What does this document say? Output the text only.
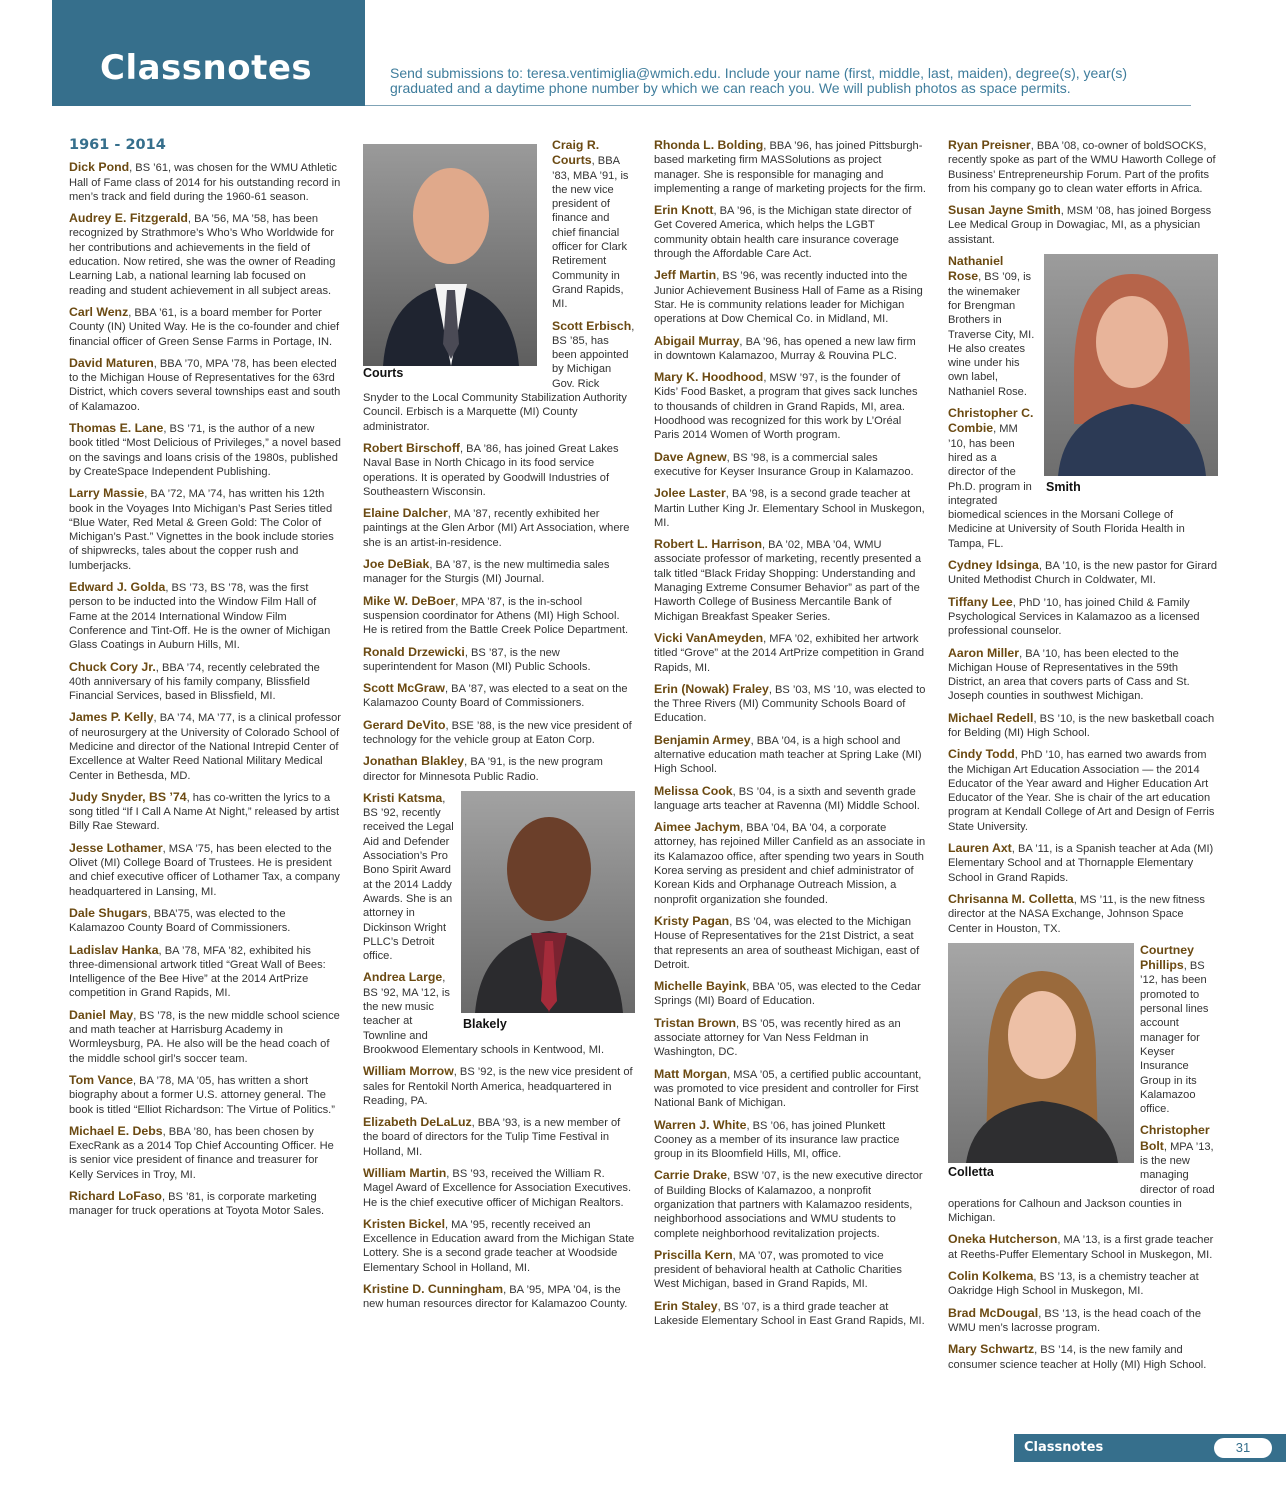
Classnotes	Send submissions to: teresa.ventimiglia@wmich.edu. Include your name (first, middle, last, maiden), degree(s), year(s) graduated and a daytime phone number by which we can reach you. We will publish photos as space permits.
1961 - 2014

Dick Pond, BS ’61, was chosen for the WMU Athletic Hall of Fame class of 2014 for his outstanding record in men’s track and field during the 1960-61 season.

Audrey E. Fitzgerald, BA ’56, MA ’58, has been recognized by Strathmore’s Who’s Who Worldwide for her contributions and achievements in the field of education. Now retired, she was the owner of Reading Learning Lab, a national learning lab focused on reading and student achievement in all subject areas.

Carl Wenz, BBA ’61, is a board member for Porter County (IN) United Way. He is the co-founder and chief financial officer of Green Sense Farms in Portage, IN.

David Maturen, BBA ’70, MPA ’78, has been elected to the Michigan House of Representatives for the 63rd District, which covers several townships east and south of Kalamazoo.

Thomas E. Lane, BS ’71, is the author of a new book titled “Most Delicious of Privileges,” a novel based on the savings and loans crisis of the 1980s, published by CreateSpace Independent Publishing.

Larry Massie, BA ’72, MA ’74, has written his 12th book in the Voyages Into Michigan’s Past Series titled “Blue Water, Red Metal & Green Gold: The Color of Michigan’s Past.” Vignettes in the book include stories of shipwrecks, tales about the copper rush and lumberjacks.

Edward J. Golda, BS ’73, BS ’78, was the first person to be inducted into the Window Film Hall of Fame at the 2014 International Window Film Conference and Tint-Off. He is the owner of Michigan Glass Coatings in Auburn Hills, MI.

Chuck Cory Jr., BBA ’74, recently celebrated the 40th anniversary of his family company, Blissfield Financial Services, based in Blissfield, MI.

James P. Kelly, BA ’74, MA ’77, is a clinical professor of neurosurgery at the University of Colorado School of Medicine and director of the National Intrepid Center of Excellence at Walter Reed National Military Medical Center in Bethesda, MD.

Judy Snyder, BS ’74, has co-written the lyrics to a song titled “If I Call A Name At Night,” released by artist Billy Rae Steward.

Jesse Lothamer, MSA ’75, has been elected to the Olivet (MI) College Board of Trustees. He is president and chief executive officer of Lothamer Tax, a company headquartered in Lansing, MI.

Dale Shugars, BBA’75, was elected to the Kalamazoo County Board of Commissioners.

Ladislav Hanka, BA ’78, MFA ’82, exhibited his three-dimensional artwork titled “Great Wall of Bees: Intelligence of the Bee Hive” at the 2014 ArtPrize competition in Grand Rapids, MI.

Daniel May, BS ’78, is the new middle school science and math teacher at Harrisburg Academy in Wormleysburg, PA. He also will be the head coach of the middle school girl’s soccer team.

Tom Vance, BA ’78, MA ’05, has written a short biography about a former U.S. attorney general. The book is titled “Elliot Richardson: The Virtue of Politics.”

Michael E. Debs, BBA ’80, has been chosen by ExecRank as a 2014 Top Chief Accounting Officer. He is senior vice president of finance and treasurer for Kelly Services in Troy, MI.

Richard LoFaso, BS ’81, is corporate marketing manager for truck operations at Toyota Motor Sales.

Courts

Craig R. Courts, BBA ’83, MBA ’91, is the new vice president of finance and chief financial officer for Clark Retirement Community in Grand Rapids, MI.

Scott Erbisch, BS ’85, has been appointed by Michigan Gov. Rick Snyder to the Local Community Stabilization Authority Council. Erbisch is a Marquette (MI) County administrator.

Robert Birschoff, BA ’86, has joined Great Lakes Naval Base in North Chicago in its food service operations. It is operated by Goodwill Industries of Southeastern Wisconsin.

Elaine Dalcher, MA ’87, recently exhibited her paintings at the Glen Arbor (MI) Art Association, where she is an artist-in-residence.

Joe DeBiak, BA ’87, is the new multimedia sales manager for the Sturgis (MI) Journal.

Mike W. DeBoer, MPA ’87, is the in-school suspension coordinator for Athens (MI) High School. He is retired from the Battle Creek Police Department.

Ronald Drzewicki, BS ’87, is the new superintendent for Mason (MI) Public Schools.

Scott McGraw, BA ’87, was elected to a seat on the Kalamazoo County Board of Commissioners.

Gerard DeVito, BSE ’88, is the new vice president of technology for the vehicle group at Eaton Corp.

Jonathan Blakley, BA ’91, is the new program director for Minnesota Public Radio.

Blakely

Kristi Katsma, BS ’92, recently received the Legal Aid and Defender Association’s Pro Bono Spirit Award at the 2014 Laddy Awards. She is an attorney in Dickinson Wright PLLC’s Detroit office.

Andrea Large, BS ’92, MA ’12, is the new music teacher at Townline and Brookwood Elementary schools in Kentwood, MI.

William Morrow, BS ’92, is the new vice president of sales for Rentokil North America, headquartered in Reading, PA.

Elizabeth DeLaLuz, BBA ’93, is a new member of the board of directors for the Tulip Time Festival in Holland, MI.

William Martin, BS ’93, received the William R. Magel Award of Excellence for Association Executives. He is the chief executive officer of Michigan Realtors.

Kristen Bickel, MA ’95, recently received an Excellence in Education award from the Michigan State Lottery. She is a second grade teacher at Woodside Elementary School in Holland, MI.

Kristine D. Cunningham, BA ’95, MPA ’04, is the new human resources director for Kalamazoo County.

Rhonda L. Bolding, BBA ’96, has joined Pittsburgh-based marketing firm MASSolutions as project manager. She is responsible for managing and implementing a range of marketing projects for the firm.

Erin Knott, BA ’96, is the Michigan state director of Get Covered America, which helps the LGBT community obtain health care insurance coverage through the Affordable Care Act.

Jeff Martin, BS ’96, was recently inducted into the Junior Achievement Business Hall of Fame as a Rising Star. He is community relations leader for Michigan operations at Dow Chemical Co. in Midland, MI.

Abigail Murray, BA ’96, has opened a new law firm in downtown Kalamazoo, Murray & Rouvina PLC.

Mary K. Hoodhood, MSW ’97, is the founder of Kids’ Food Basket, a program that gives sack lunches to thousands of children in Grand Rapids, MI, area. Hoodhood was recognized for this work by L’Oréal Paris 2014 Women of Worth program.

Dave Agnew, BS ’98, is a commercial sales executive for Keyser Insurance Group in Kalamazoo.

Jolee Laster, BA ’98, is a second grade teacher at Martin Luther King Jr. Elementary School in Muskegon, MI.

Robert L. Harrison, BA ’02, MBA ’04, WMU associate professor of marketing, recently presented a talk titled “Black Friday Shopping: Understanding and Managing Extreme Consumer Behavior” as part of the Haworth College of Business Mercantile Bank of Michigan Breakfast Speaker Series.

Vicki VanAmeyden, MFA ’02, exhibited her artwork titled “Grove” at the 2014 ArtPrize competition in Grand Rapids, MI.

Erin (Nowak) Fraley, BS ’03, MS ’10, was elected to the Three Rivers (MI) Community Schools Board of Education.

Benjamin Armey, BBA ’04, is a high school and alternative education math teacher at Spring Lake (MI) High School.

Melissa Cook, BS ’04, is a sixth and seventh grade language arts teacher at Ravenna (MI) Middle School.

Aimee Jachym, BBA ’04, BA ’04, a corporate attorney, has rejoined Miller Canfield as an associate in its Kalamazoo office, after spending two years in South Korea serving as president and chief administrator of Korean Kids and Orphanage Outreach Mission, a nonprofit organization she founded.

Kristy Pagan, BS ’04, was elected to the Michigan House of Representatives for the 21st District, a seat that represents an area of southeast Michigan, east of Detroit.

Michelle Bayink, BBA ’05, was elected to the Cedar Springs (MI) Board of Education.

Tristan Brown, BS ’05, was recently hired as an associate attorney for Van Ness Feldman in Washington, DC.

Matt Morgan, MSA ’05, a certified public accountant, was promoted to vice president and controller for First National Bank of Michigan.

Warren J. White, BS ’06, has joined Plunkett Cooney as a member of its insurance law practice group in its Bloomfield Hills, MI, office.

Carrie Drake, BSW ’07, is the new executive director of Building Blocks of Kalamazoo, a nonprofit organization that partners with Kalamazoo residents, neighborhood associations and WMU students to complete neighborhood revitalization projects.

Priscilla Kern, MA ’07, was promoted to vice president of behavioral health at Catholic Charities West Michigan, based in Grand Rapids, MI.

Erin Staley, BS ’07, is a third grade teacher at Lakeside Elementary School in East Grand Rapids, MI.

Ryan Preisner, BBA ’08, co-owner of boldSOCKS, recently spoke as part of the WMU Haworth College of Business’ Entrepreneurship Forum. Part of the profits from his company go to clean water efforts in Africa.

Susan Jayne Smith, MSM ’08, has joined Borgess Lee Medical Group in Dowagiac, MI, as a physician assistant.

Smith

Nathaniel Rose, BS ’09, is the winemaker for Brengman Brothers in Traverse City, MI. He also creates wine under his own label, Nathaniel Rose.

Christopher C. Combie, MM ’10, has been hired as a director of the Ph.D. program in integrated biomedical sciences in the Morsani College of Medicine at University of South Florida Health in Tampa, FL.

Cydney Idsinga, BA ’10, is the new pastor for Girard United Methodist Church in Coldwater, MI.

Tiffany Lee, PhD ’10, has joined Child & Family Psychological Services in Kalamazoo as a licensed professional counselor.

Aaron Miller, BA ’10, has been elected to the Michigan House of Representatives in the 59th District, an area that covers parts of Cass and St. Joseph counties in southwest Michigan.

Michael Redell, BS ’10, is the new basketball coach for Belding (MI) High School.

Cindy Todd, PhD ’10, has earned two awards from the Michigan Art Education Association — the 2014 Educator of the Year award and Higher Education Art Educator of the Year. She is chair of the art education program at Kendall College of Art and Design of Ferris State University.

Lauren Axt, BA ’11, is a Spanish teacher at Ada (MI) Elementary School and at Thornapple Elementary School in Grand Rapids.

Chrisanna M. Colletta, MS ’11, is the new fitness director at the NASA Exchange, Johnson Space Center in Houston, TX.

Colletta

Courtney Phillips, BS ’12, has been promoted to personal lines account manager for Keyser Insurance Group in its Kalamazoo office.

Christopher Bolt, MPA ’13, is the new managing director of road operations for Calhoun and Jackson counties in Michigan.

Oneka Hutcherson, MA ’13, is a first grade teacher at Reeths-Puffer Elementary School in Muskegon, MI.

Colin Kolkema, BS ’13, is a chemistry teacher at Oakridge High School in Muskegon, MI.

Brad McDougal, BS ’13, is the head coach of the WMU men’s lacrosse program.

Mary Schwartz, BS ’14, is the new family and consumer science teacher at Holly (MI) High School.

Classnotes	31
